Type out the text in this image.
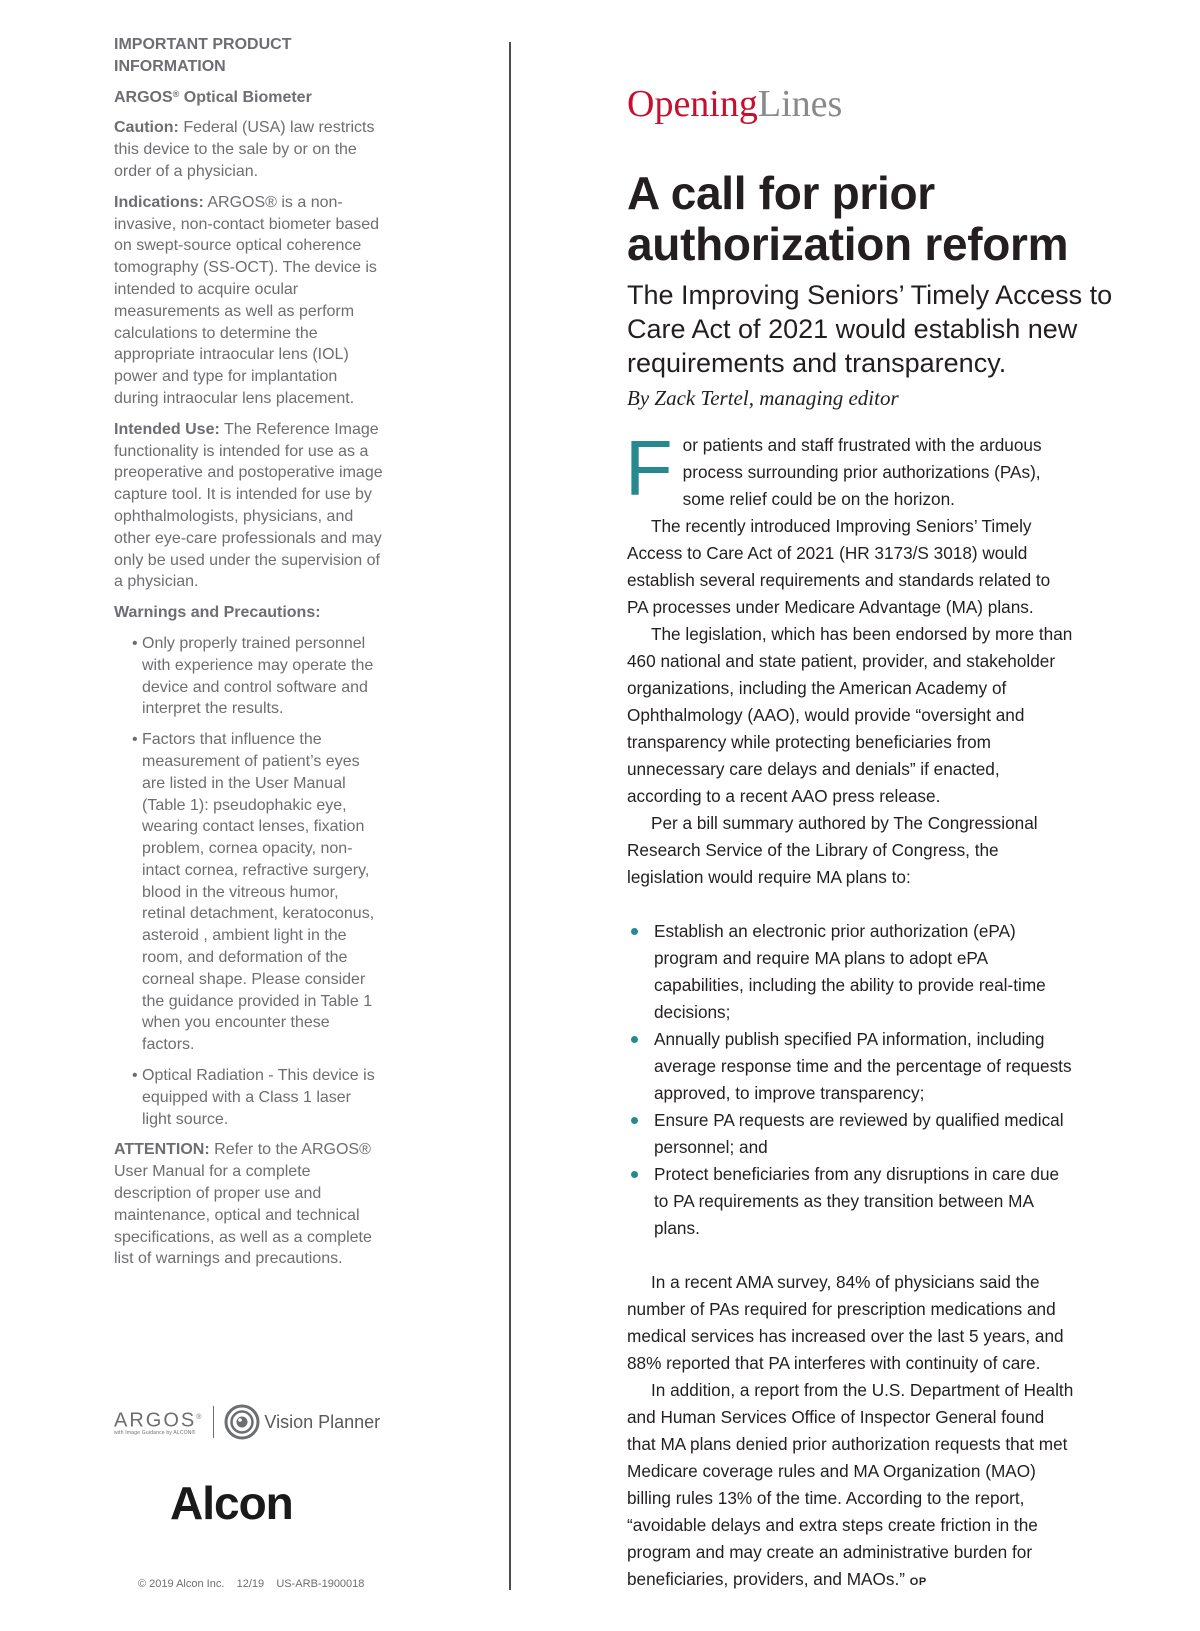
IMPORTANT PRODUCT INFORMATION

ARGOS® Optical Biometer

Caution: Federal (USA) law restricts this device to the sale by or on the order of a physician.

Indications: ARGOS® is a non-invasive, non-contact biometer based on swept-source optical coherence tomography (SS-OCT). The device is intended to acquire ocular measurements as well as perform calculations to determine the appropriate intraocular lens (IOL) power and type for implantation during intraocular lens placement.

Intended Use: The Reference Image functionality is intended for use as a preoperative and postoperative image capture tool. It is intended for use by ophthalmologists, physicians, and other eye-care professionals and may only be used under the supervision of a physician.

Warnings and Precautions:

• Only properly trained personnel with experience may operate the device and control software and interpret the results.
• Factors that influence the measurement of patient’s eyes are listed in the User Manual (Table 1): pseudophakic eye, wearing contact lenses, fixation problem, cornea opacity, non-intact cornea, refractive surgery, blood in the vitreous humor, retinal detachment, keratoconus, asteroid , ambient light in the room, and deformation of the corneal shape. Please consider the guidance provided in Table 1 when you encounter these factors.
• Optical Radiation - This device is equipped with a Class 1 laser light source.

ATTENTION: Refer to the ARGOS® User Manual for a complete description of proper use and maintenance, optical and technical specifications, as well as a complete list of warnings and precautions.

ARGOS®
with Image Guidance by ALCON®
Vision Planner
Alcon
© 2019 Alcon Inc.    12/19    US-ARB-1900018
OpeningLines
A call for prior authorization reform
The Improving Seniors’ Timely Access to Care Act of 2021 would establish new requirements and transparency.
By Zack Tertel, managing editor

For patients and staff frustrated with the arduous process surrounding prior authorizations (PAs), some relief could be on the horizon.

The recently introduced Improving Seniors’ Timely Access to Care Act of 2021 (HR 3173/S 3018) would establish several requirements and standards related to PA processes under Medicare Advantage (MA) plans.

The legislation, which has been endorsed by more than 460 national and state patient, provider, and stakeholder organizations, including the American Academy of Ophthalmology (AAO), would provide “oversight and transparency while protecting beneficiaries from unnecessary care delays and denials” if enacted, according to a recent AAO press release.

Per a bill summary authored by The Congressional Research Service of the Library of Congress, the legislation would require MA plans to:

Establish an electronic prior authorization (ePA) program and require MA plans to adopt ePA capabilities, including the ability to provide real-time decisions;
Annually publish specified PA information, including average response time and the percentage of requests approved, to improve transparency;
Ensure PA requests are reviewed by qualified medical personnel; and
Protect beneficiaries from any disruptions in care due to PA requirements as they transition between MA plans.

In a recent AMA survey, 84% of physicians said the number of PAs required for prescription medications and medical services has increased over the last 5 years, and 88% reported that PA interferes with continuity of care.

In addition, a report from the U.S. Department of Health and Human Services Office of Inspector General found that MA plans denied prior authorization requests that met Medicare coverage rules and MA Organization (MAO) billing rules 13% of the time. According to the report, “avoidable delays and extra steps create friction in the program and may create an administrative burden for beneficiaries, providers, and MAOs.” OP
